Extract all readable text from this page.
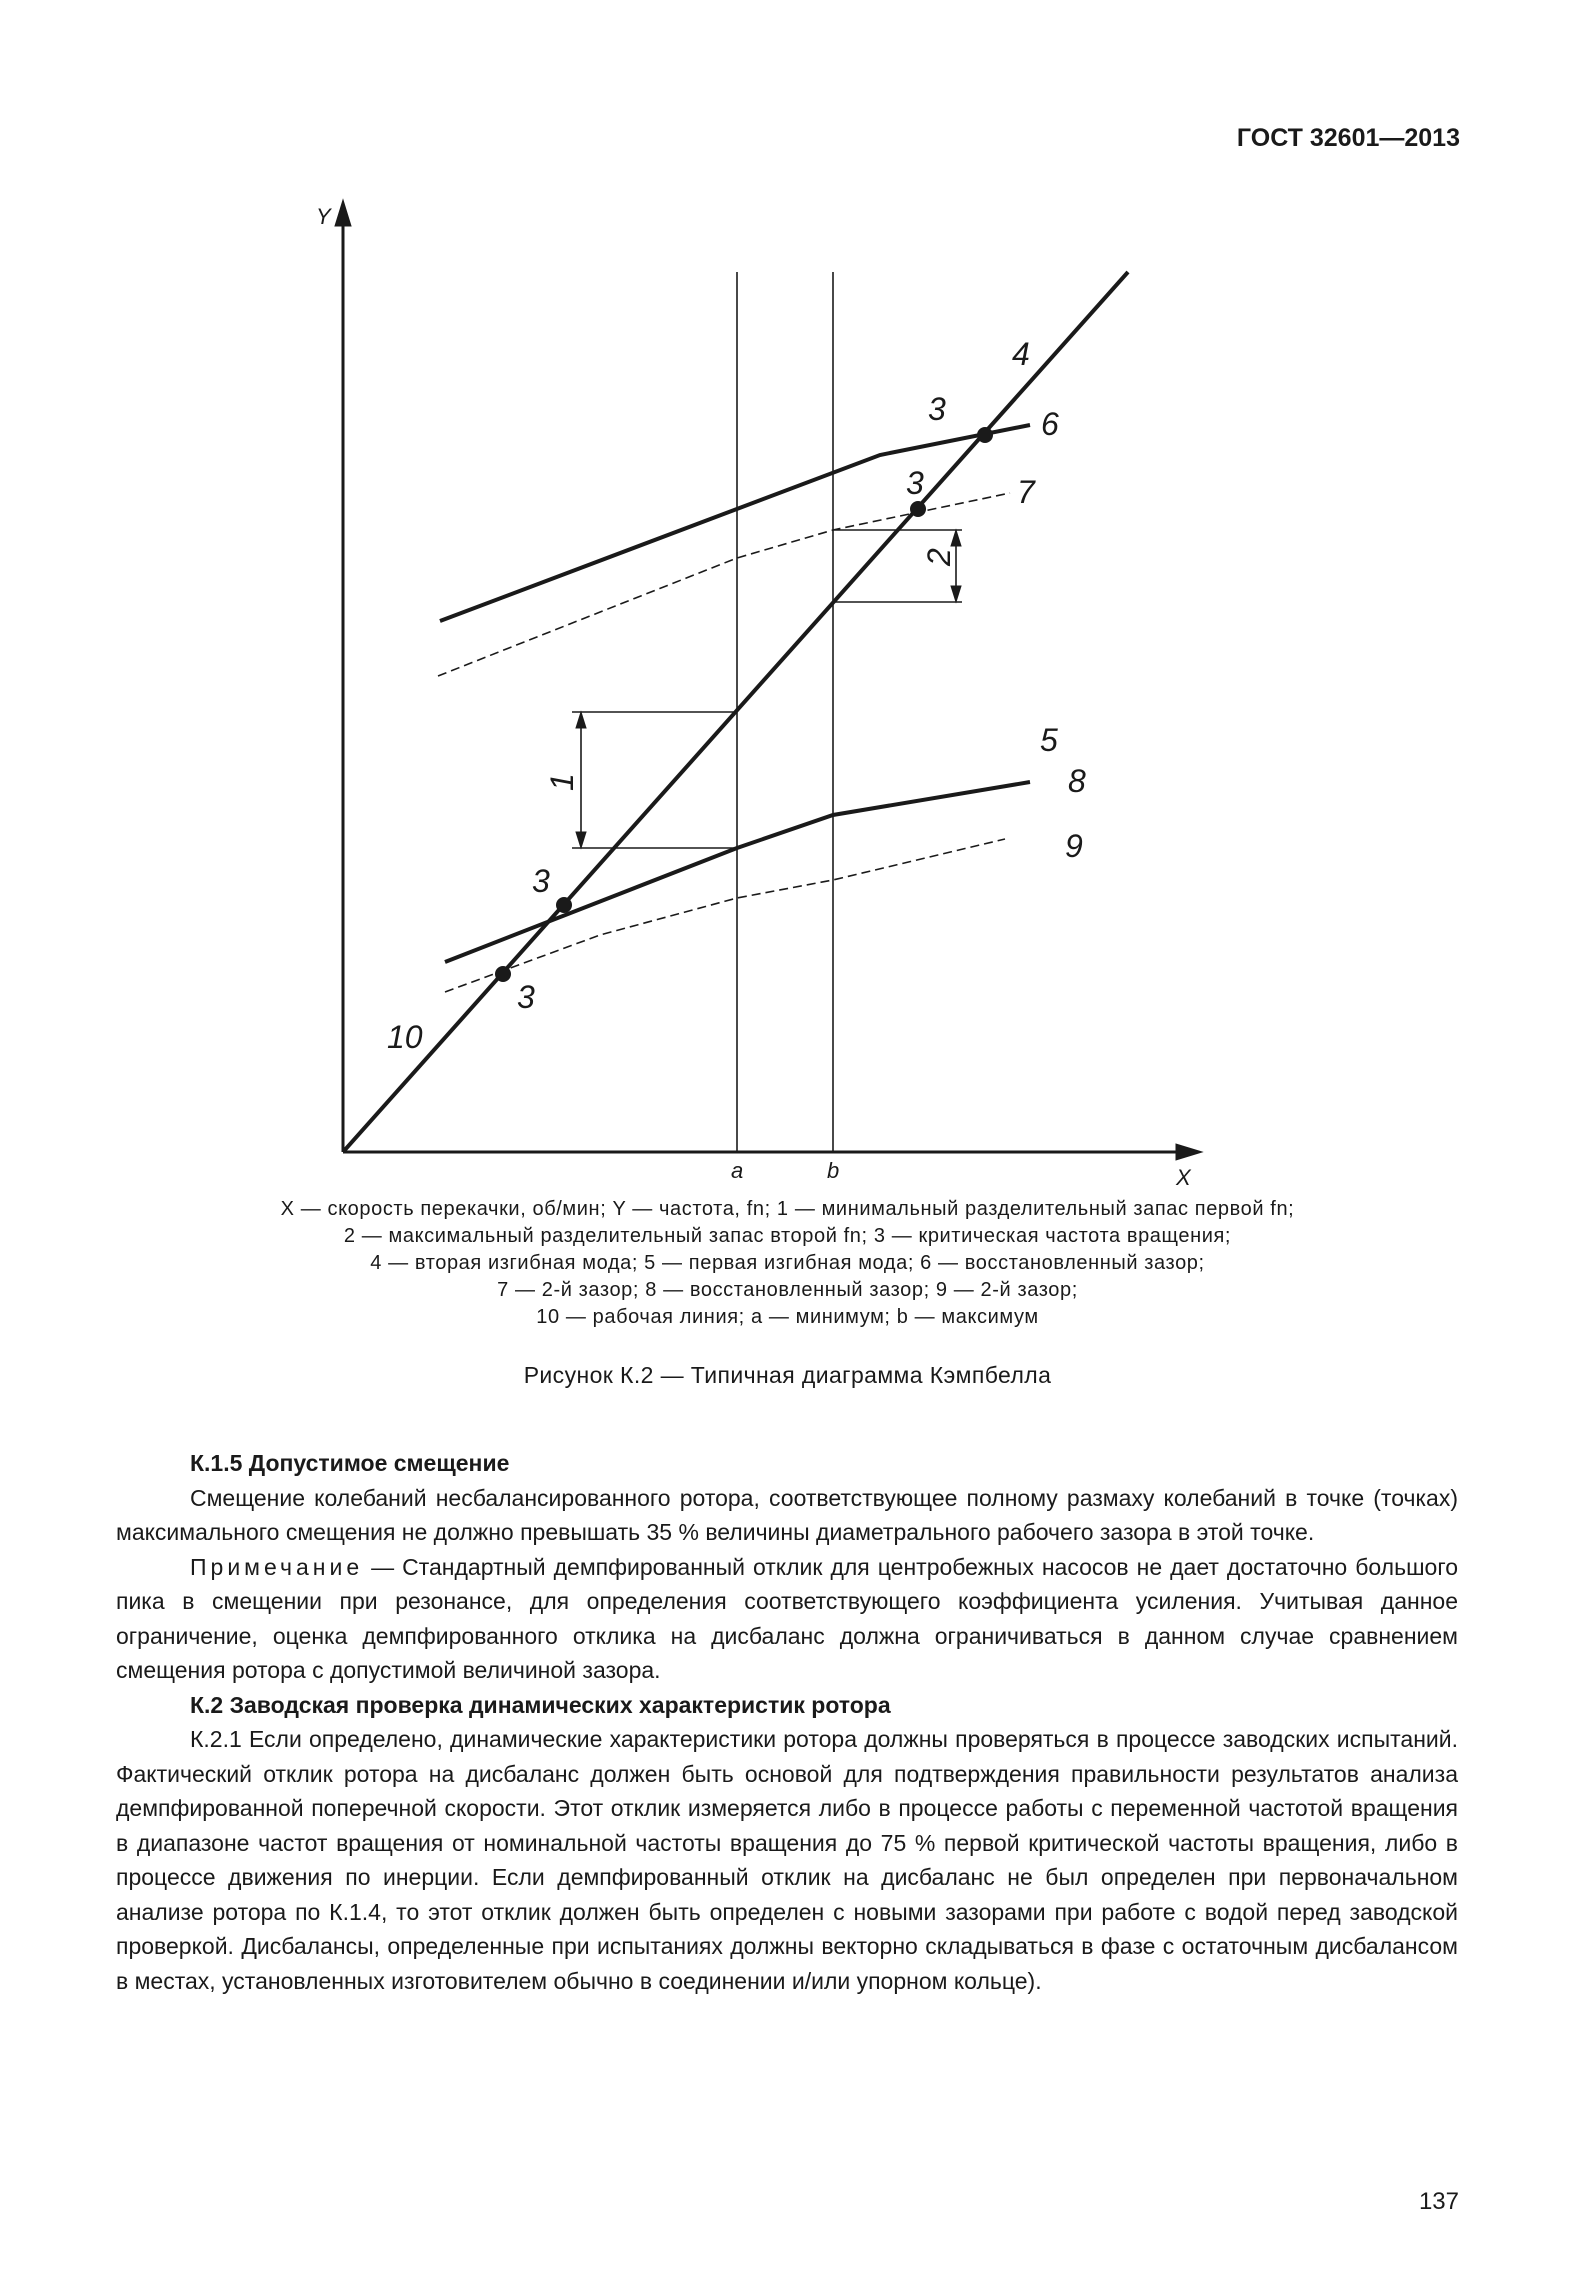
ГОСТ 32601—2013
Y
X
a	b
4
3	6
3	7
2
1
5
8
9
3
3
10
X — скорость перекачки, об/мин; Y — частота, fn; 1 — минимальный разделительный запас первой fn;
2 — максимальный разделительный запас второй fn; 3 — критическая частота вращения;
4 — вторая изгибная мода; 5 — первая изгибная мода; 6 — восстановленный зазор;
7 — 2-й зазор; 8 — восстановленный зазор; 9 — 2-й зазор;
10 — рабочая линия; a — минимум; b — максимум
Рисунок К.2 — Типичная диаграмма Кэмпбелла

К.1.5 Допустимое смещение

Смещение колебаний несбалансированного ротора, соответствующее полному размаху колебаний в точке (точках) максимального смещения не должно превышать 35 % величины диаметрального рабочего зазора в этой точке.

Примечание — Стандартный демпфированный отклик для центробежных насосов не дает достаточно большого пика в смещении при резонансе, для определения соответствующего коэффициента усиления. Учитывая данное ограничение, оценка демпфированного отклика на дисбаланс должна ограничиваться в данном случае сравнением смещения ротора с допустимой величиной зазора.

К.2 Заводская проверка динамических характеристик ротора

К.2.1 Если определено, динамические характеристики ротора должны проверяться в процессе заводских испытаний. Фактический отклик ротора на дисбаланс должен быть основой для подтверждения правильности результатов анализа демпфированной поперечной скорости. Этот отклик измеряется либо в процессе работы с переменной частотой вращения в диапазоне частот вращения от номинальной частоты вращения до 75 % первой критической частоты вращения, либо в процессе движения по инерции. Если демпфированный отклик на дисбаланс не был определен при первоначальном анализе ротора по К.1.4, то этот отклик должен быть определен с новыми зазорами при работе с водой перед заводской проверкой. Дисбалансы, определенные при испытаниях должны векторно складываться в фазе с остаточным дисбалансом в местах, установленных изготовителем обычно в соединении и/или упорном кольце).

137
